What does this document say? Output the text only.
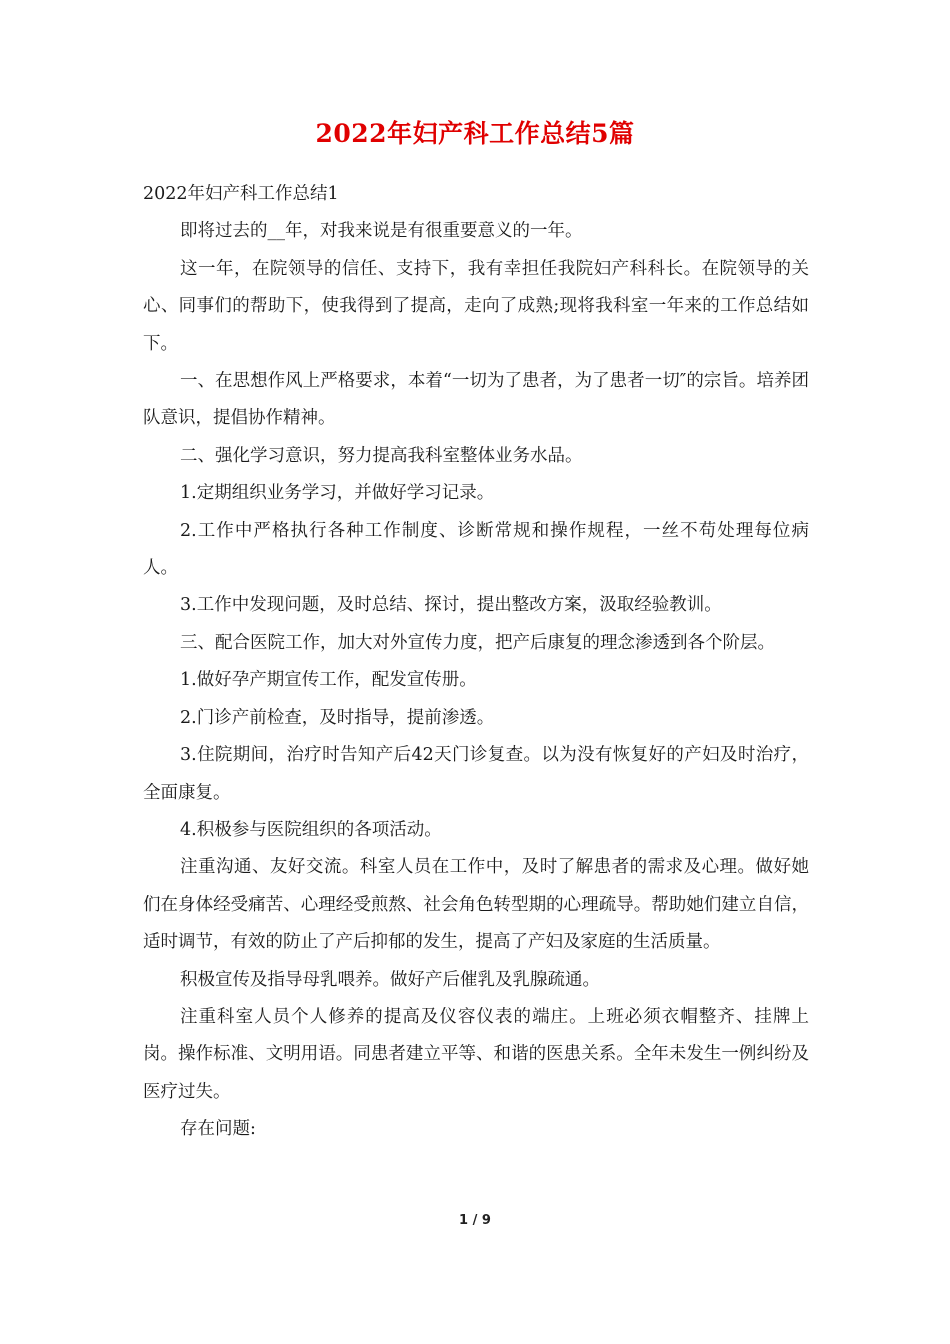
2022年妇产科工作总结5篇

2022年妇产科工作总结1

即将过去的__年，对我来说是有很重要意义的一年。

这一年，在院领导的信任、支持下，我有幸担任我院妇产科科长。在院领导的关心、同事们的帮助下，使我得到了提高，走向了成熟;现将我科室一年来的工作总结如下。

一、在思想作风上严格要求，本着“一切为了患者，为了患者一切″的宗旨。培养团队意识，提倡协作精神。

二、强化学习意识，努力提高我科室整体业务水品。

1.定期组织业务学习，并做好学习记录。

2.工作中严格执行各种工作制度、诊断常规和操作规程，一丝不苟处理每位病人。

3.工作中发现问题，及时总结、探讨，提出整改方案，汲取经验教训。

三、配合医院工作，加大对外宣传力度，把产后康复的理念渗透到各个阶层。

1.做好孕产期宣传工作，配发宣传册。

2.门诊产前检查，及时指导，提前渗透。

3.住院期间，治疗时告知产后42天门诊复查。以为没有恢复好的产妇及时治疗，全面康复。

4.积极参与医院组织的各项活动。

注重沟通、友好交流。科室人员在工作中，及时了解患者的需求及心理。做好她们在身体经受痛苦、心理经受煎熬、社会角色转型期的心理疏导。帮助她们建立自信，适时调节，有效的防止了产后抑郁的发生，提高了产妇及家庭的生活质量。

积极宣传及指导母乳喂养。做好产后催乳及乳腺疏通。

注重科室人员个人修养的提高及仪容仪表的端庄。上班必须衣帽整齐、挂牌上岗。操作标准、文明用语。同患者建立平等、和谐的医患关系。全年未发生一例纠纷及医疗过失。

存在问题:

1 / 9
